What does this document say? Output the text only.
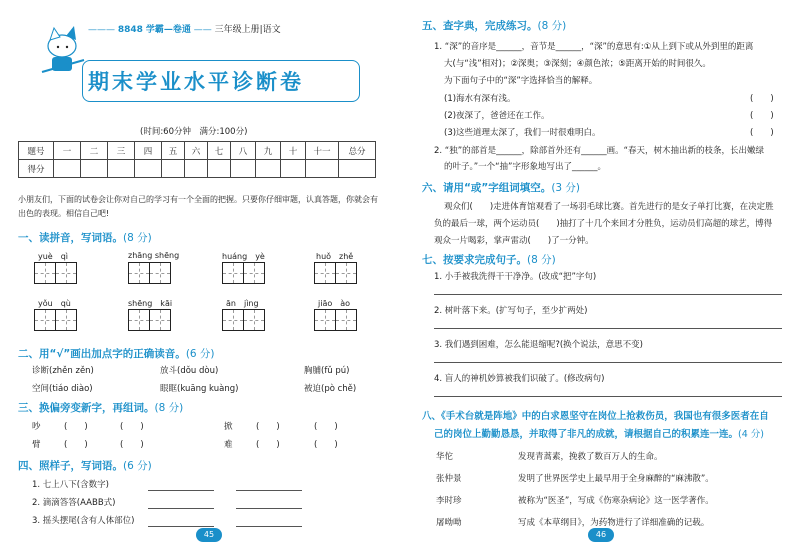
——— 8848 学霸—卷通 —— 三年级上册|语文
期末学业水平诊断卷
(时间:60分钟　满分:100分)
题号	一	二	三	四	五	六	七	八	九	十	十一	总分
得分												
小朋友们，下面的试卷会让你对自己的学习有一个全面的把握。只要你仔细审题，认真答题，你就会有出色的表现。相信自己吧!
一、读拼音，写词语。(8 分)
yuè　qì	zhāng shēng	huáng　yè	huǒ　zhě
yǒu　qù	shēng　kāi	ān　jìng	jiāo　ào
二、用“√”画出加点字的正确读音。(6 分)
诊断(zhěn zěn)	放斗(dǒu dòu)	胸脯(fǔ pú)
空间(tiáo diào)	眼眶(kuāng kuàng)	被迫(pò chě)
三、换偏旁变新字，再组词。(8 分)
吵	(　　)	(　　)	掀	(　　)	(　　)
臂	(　　)	(　　)	难	(　　)	(　　)
四、照样子，写词语。(6 分)
1. 七上八下(含数字)
2. 滴滴答答(AABB式)
3. 摇头摆尾(含有人体部位)
45
五、查字典，完成练习。(8 分)
1. “深”的音序是______，音节是______，“深”的意思有:①从上到下或从外到里的距离
大(与“浅”相对)；②深奥；③深刻；④颜色浓；⑤距离开始的时间很久。
为下面句子中的“深”字选择恰当的解释。
(1)海水有深有浅。	(　　)
(2)夜深了，爸爸还在工作。	(　　)
(3)这些道理太深了，我们一时很难明白。	(　　)
2. “独”的部首是______，除部首外还有______画。“春天，树木抽出新的枝条，长出嫩绿
的叶子。”一个“抽”字形象地写出了______。
六、请用“或”字组词填空。(3 分)
观众们(　　)走进体育馆观看了一场羽毛球比赛。首先进行的是女子单打比赛，在决定胜
负的最后一球，两个运动员(　　)抽打了十几个来回才分胜负，运动员们高超的球艺，博得
观众一片喝彩，掌声雷动(　　)了一分钟。
七、按要求完成句子。(8 分)
1. 小手被我洗得干干净净。(改成“把”字句)
2. 树叶落下来。(扩写句子，至少扩两处)
3. 我们遇到困难，怎么能退缩呢?(换个说法，意思不变)
4. 盲人的神机妙算被我们识破了。(修改病句)
八、《手术台就是阵地》中的白求恩坚守在岗位上抢救伤员，我国也有很多医者在自
己的岗位上勤勤恳恳，并取得了非凡的成就，请根据自己的积累连一连。(4 分)
华佗	发现青蒿素，挽救了数百万人的生命。
张仲景	发明了世界医学史上最早用于全身麻醉的“麻沸散”。
李时珍	被称为“医圣”，写成《伤寒杂病论》这一医学著作。
屠呦呦	写成《本草纲目》，为药物进行了详细准确的记载。
46
